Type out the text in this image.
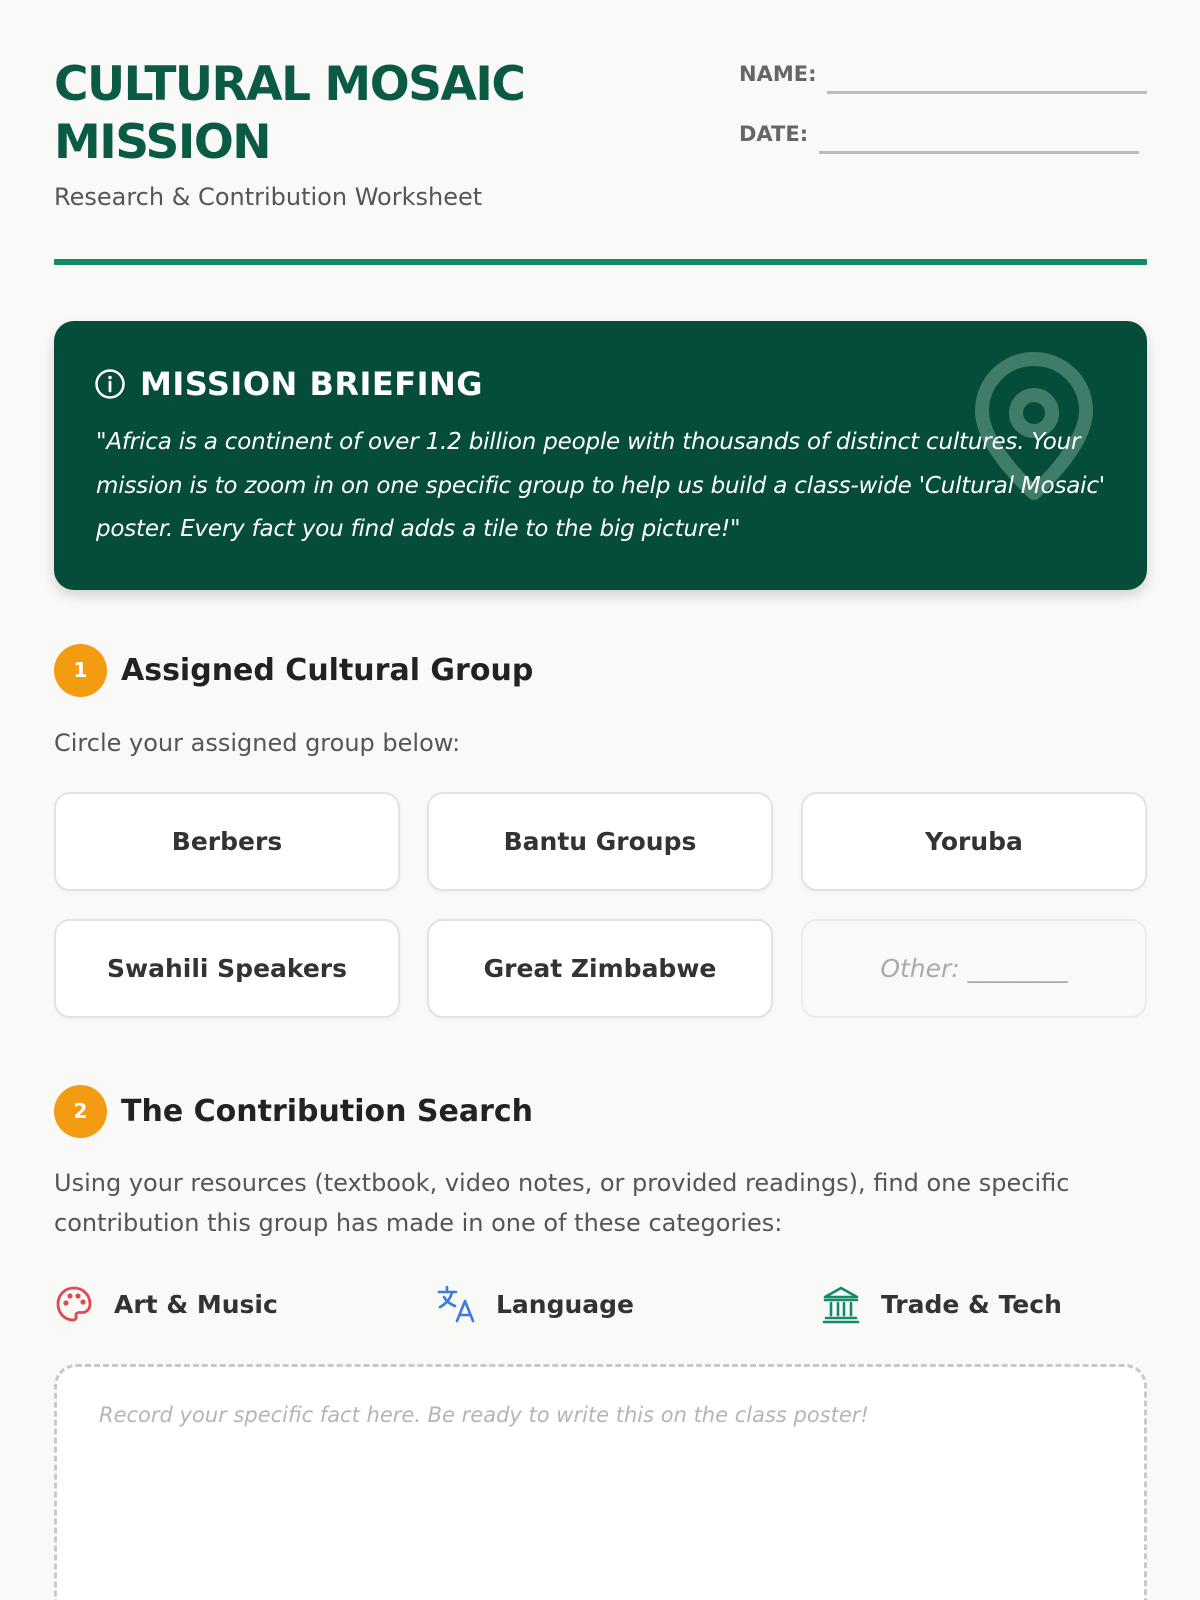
CULTURAL MOSAIC MISSION
Research & Contribution Worksheet
NAME:
DATE:
MISSION BRIEFING
"Africa is a continent of over 1.2 billion people with thousands of distinct cultures. Your mission is to zoom in on one specific group to help us build a class-wide 'Cultural Mosaic' poster. Every fact you find adds a tile to the big picture!"
1	Assigned Cultural Group
Circle your assigned group below:
Berbers	Bantu Groups	Yoruba
Swahili Speakers	Great Zimbabwe	Other: ________
2	The Contribution Search
Using your resources (textbook, video notes, or provided readings), find one specific contribution this group has made in one of these categories:
Art & Music	Language	Trade & Tech
Record your specific fact here. Be ready to write this on the class poster!
